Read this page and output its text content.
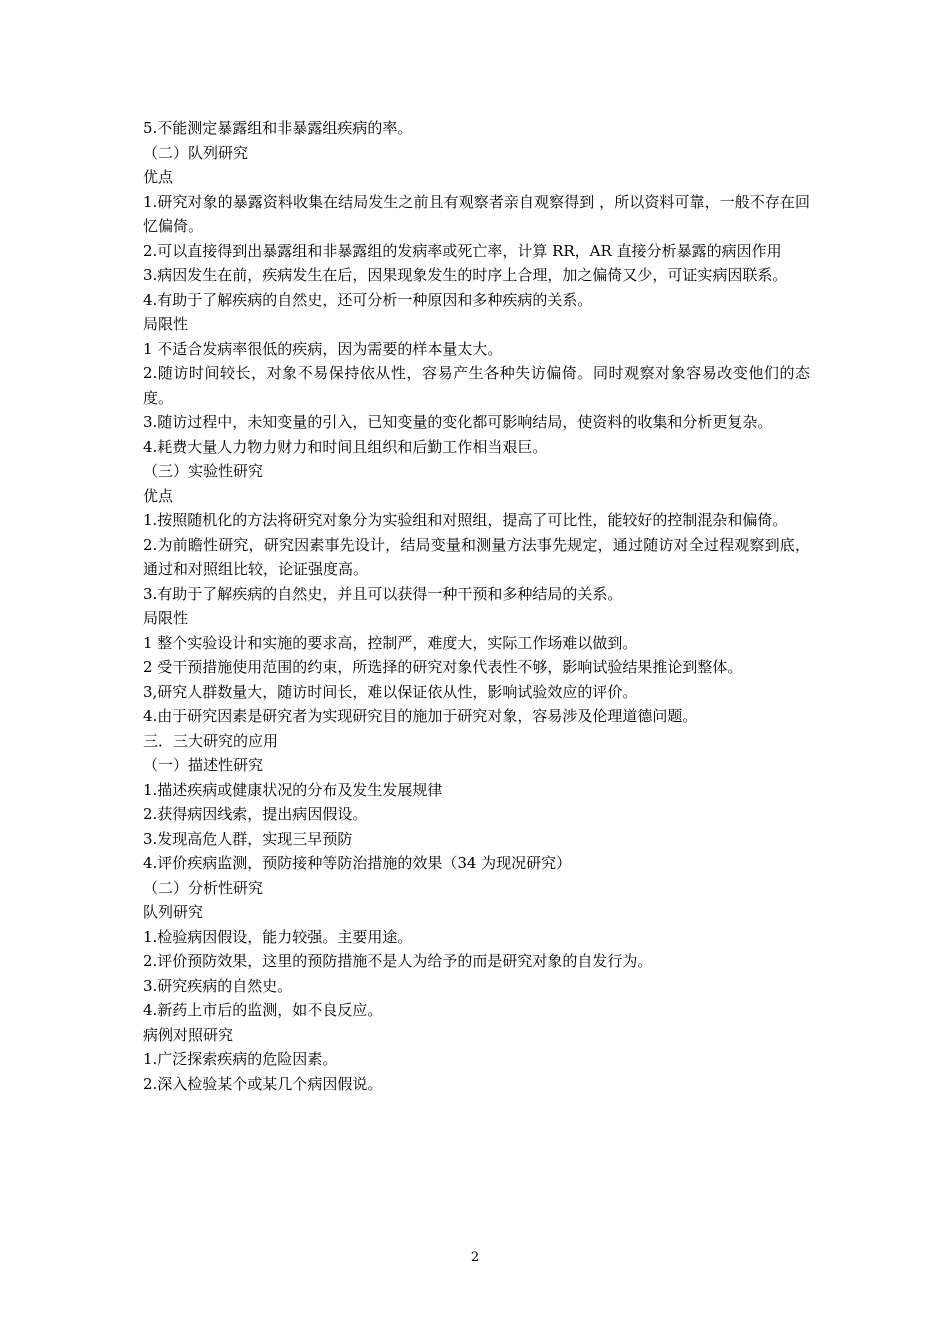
5.不能测定暴露组和非暴露组疾病的率。

（二）队列研究

优点

1.研究对象的暴露资料收集在结局发生之前且有观察者亲自观察得到 ，所以资料可靠，一般不存在回忆偏倚。

2.可以直接得到出暴露组和非暴露组的发病率或死亡率，计算 RR，AR 直接分析暴露的病因作用

3.病因发生在前，疾病发生在后，因果现象发生的时序上合理，加之偏倚又少，可证实病因联系。

4.有助于了解疾病的自然史，还可分析一种原因和多种疾病的关系。

局限性

1 不适合发病率很低的疾病，因为需要的样本量太大。

2.随访时间较长，对象不易保持依从性，容易产生各种失访偏倚。同时观察对象容易改变他们的态度。

3.随访过程中，未知变量的引入，已知变量的变化都可影响结局，使资料的收集和分析更复杂。

4.耗费大量人力物力财力和时间且组织和后勤工作相当艰巨。

（三）实验性研究

优点

1.按照随机化的方法将研究对象分为实验组和对照组，提高了可比性，能较好的控制混杂和偏倚。

2.为前瞻性研究，研究因素事先设计，结局变量和测量方法事先规定，通过随访对全过程观察到底，通过和对照组比较，论证强度高。

3.有助于了解疾病的自然史，并且可以获得一种干预和多种结局的关系。

局限性

1 整个实验设计和实施的要求高，控制严，难度大，实际工作场难以做到。

2 受干预措施使用范围的约束，所选择的研究对象代表性不够，影响试验结果推论到整体。

3,研究人群数量大，随访时间长，难以保证依从性，影响试验效应的评价。

4.由于研究因素是研究者为实现研究目的施加于研究对象，容易涉及伦理道德问题。

三．三大研究的应用

（一）描述性研究

1.描述疾病或健康状况的分布及发生发展规律

2.获得病因线索，提出病因假设。

3.发现高危人群，实现三早预防

4.评价疾病监测，预防接种等防治措施的效果（34 为现况研究）

（二）分析性研究

队列研究

1.检验病因假设，能力较强。主要用途。

2.评价预防效果，这里的预防措施不是人为给予的而是研究对象的自发行为。

3.研究疾病的自然史。

4.新药上市后的监测，如不良反应。

病例对照研究

1.广泛探索疾病的危险因素。

2.深入检验某个或某几个病因假说。

2
